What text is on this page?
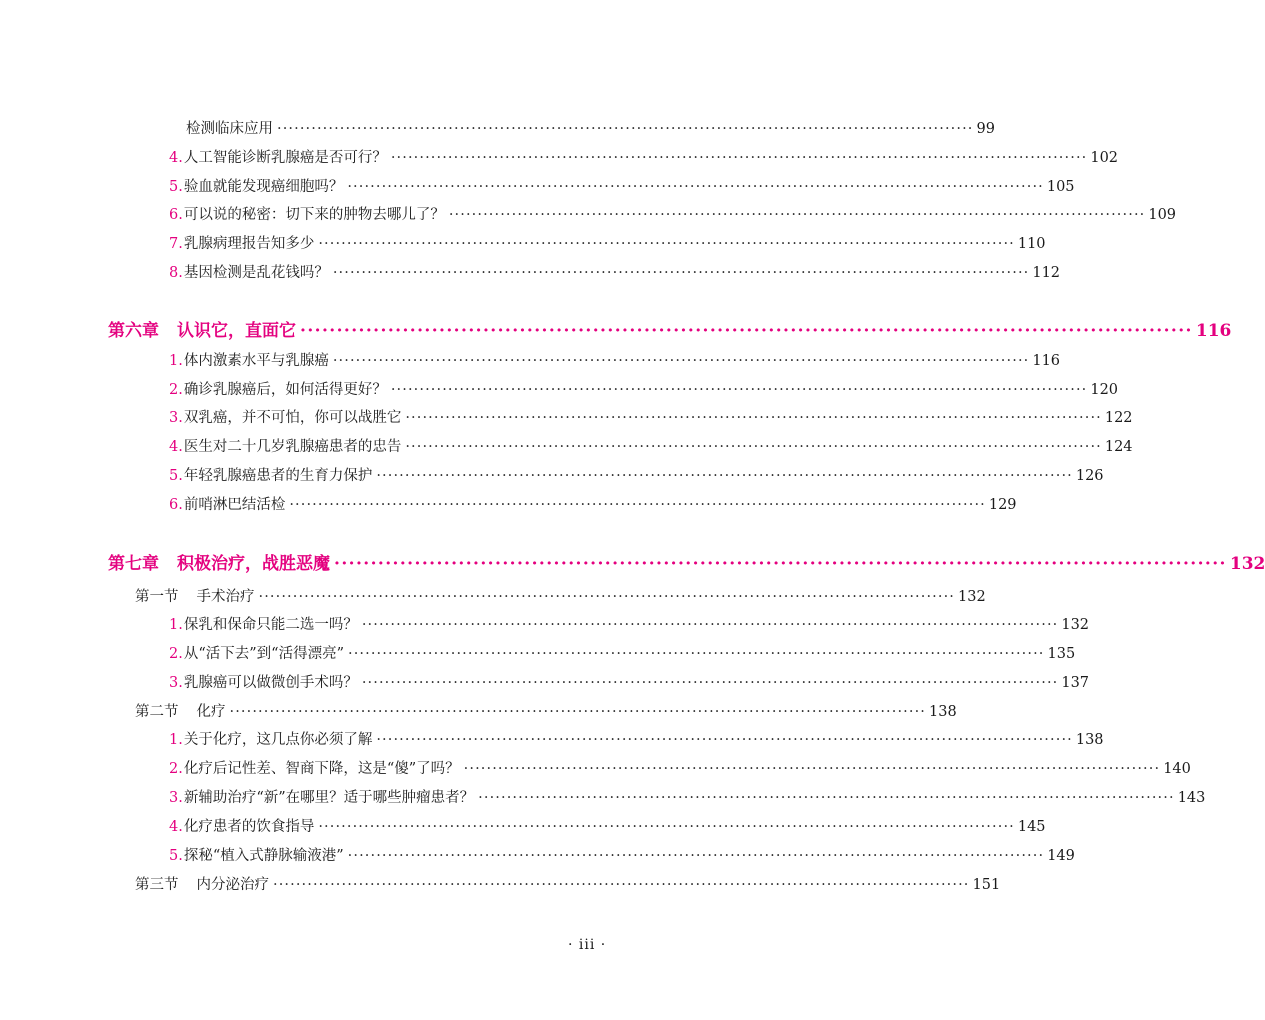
检测临床应用 ·························································································································· 99
4. 人工智能诊断乳腺癌是否可行？ ·························································································································· 102
5. 验血就能发现癌细胞吗？ ·························································································································· 105
6. 可以说的秘密：切下来的肿物去哪儿了？ ·························································································································· 109
7. 乳腺病理报告知多少 ·························································································································· 110
8. 基因检测是乱花钱吗？ ·························································································································· 112
第六章 认识它，直面它 ·························································································································· 116
1. 体内激素水平与乳腺癌 ·························································································································· 116
2. 确诊乳腺癌后，如何活得更好？ ·························································································································· 120
3. 双乳癌，并不可怕，你可以战胜它 ·························································································································· 122
4. 医生对二十几岁乳腺癌患者的忠告 ·························································································································· 124
5. 年轻乳腺癌患者的生育力保护 ·························································································································· 126
6. 前哨淋巴结活检 ·························································································································· 129
第七章 积极治疗，战胜恶魔 ·························································································································· 132
第一节 手术治疗 ·························································································································· 132
1. 保乳和保命只能二选一吗？ ·························································································································· 132
2. 从“活下去”到“活得漂亮” ·························································································································· 135
3. 乳腺癌可以做微创手术吗？ ·························································································································· 137
第二节 化疗 ·························································································································· 138
1. 关于化疗，这几点你必须了解 ·························································································································· 138
2. 化疗后记性差、智商下降，这是“傻”了吗？ ·························································································································· 140
3. 新辅助治疗“新”在哪里？适于哪些肿瘤患者？ ·························································································································· 143
4. 化疗患者的饮食指导 ·························································································································· 145
5. 探秘“植入式静脉输液港” ·························································································································· 149
第三节 内分泌治疗 ·························································································································· 151
· iii ·
